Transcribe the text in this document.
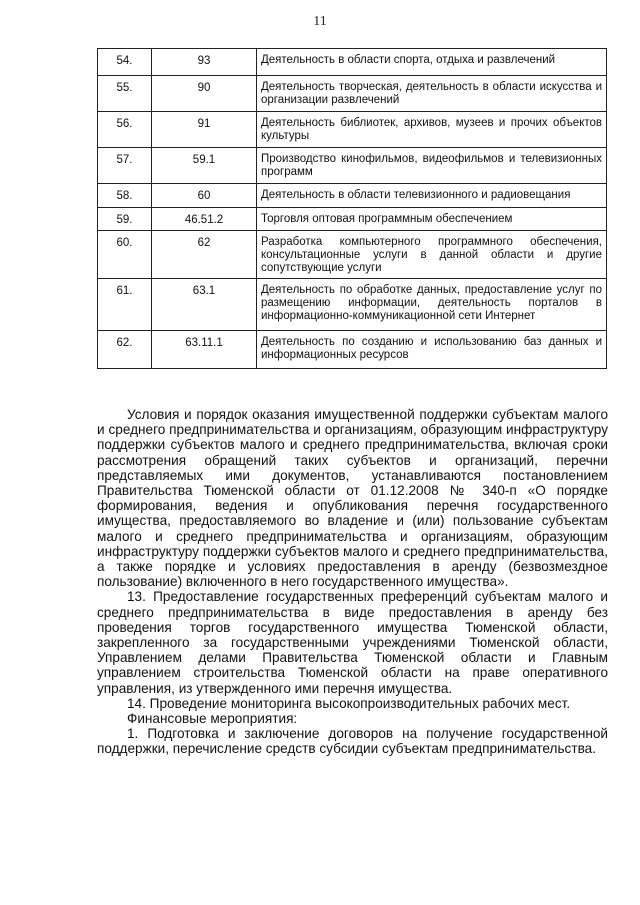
11
54.	93	Деятельность в области спорта, отдыха и развлечений
55.	90	Деятельность творческая, деятельность в области искусства и организации развлечений
56.	91	Деятельность библиотек, архивов, музеев и прочих объектов культуры
57.	59.1	Производство кинофильмов, видеофильмов и телевизионных программ
58.	60	Деятельность в области телевизионного и радиовещания
59.	46.51.2	Торговля оптовая программным обеспечением
60.	62	Разработка компьютерного программного обеспечения, консультационные услуги в данной области и другие сопутствующие услуги
61.	63.1	Деятельность по обработке данных, предоставление услуг по размещению информации, деятельность порталов в информационно-коммуникационной сети Интернет
62.	63.11.1	Деятельность по созданию и использованию баз данных и информационных ресурсов

Условия и порядок оказания имущественной поддержки субъектам малого и среднего предпринимательства и организациям, образующим инфраструктуру поддержки субъектов малого и среднего предпринимательства, включая сроки рассмотрения обращений таких субъектов и организаций, перечни представляемых ими документов, устанавливаются постановлением Правительства Тюменской области от 01.12.2008 № 340-п «О порядке формирования, ведения и опубликования перечня государственного имущества, предоставляемого во владение и (или) пользование субъектам малого и среднего предпринимательства и организациям, образующим инфраструктуру поддержки субъектов малого и среднего предпринимательства, а также порядке и условиях предоставления в аренду (безвозмездное пользование) включенного в него государственного имущества».

13. Предоставление государственных преференций субъектам малого и среднего предпринимательства в виде предоставления в аренду без проведения торгов государственного имущества Тюменской области, закрепленного за государственными учреждениями Тюменской области, Управлением делами Правительства Тюменской области и Главным управлением строительства Тюменской области на праве оперативного управления, из утвержденного ими перечня имущества.

14. Проведение мониторинга высокопроизводительных рабочих мест.

Финансовые мероприятия:

1. Подготовка и заключение договоров на получение государственной поддержки, перечисление средств субсидии субъектам предпринимательства.
